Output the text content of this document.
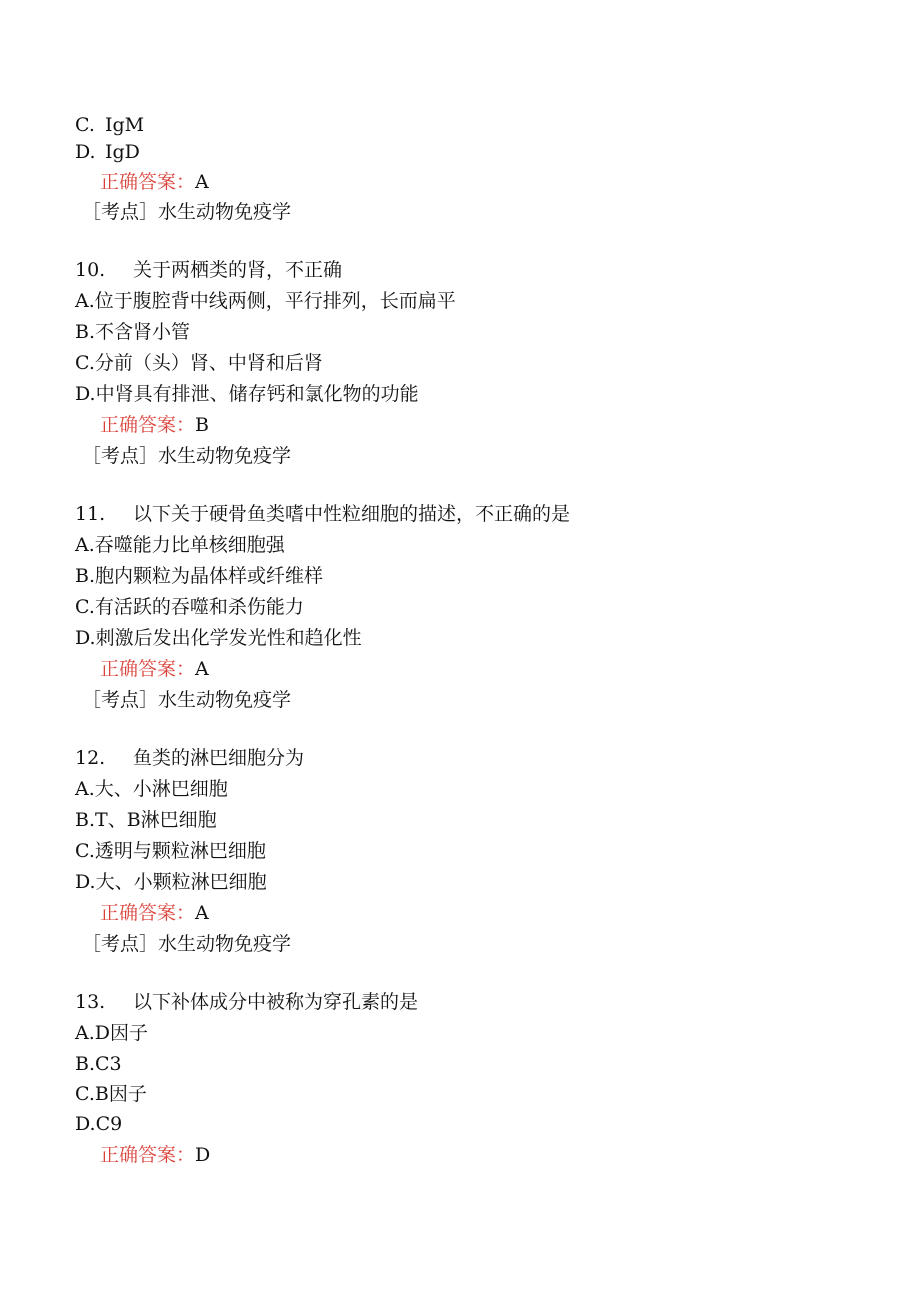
C. IgM
D. IgD
正确答案：A
［考点］水生动物免疫学
10. 关于两栖类的肾，不正确
A.位于腹腔背中线两侧，平行排列，长而扁平
B.不含肾小管
C.分前（头）肾、中肾和后肾
D.中肾具有排泄、储存钙和氯化物的功能
正确答案：B
［考点］水生动物免疫学
11. 以下关于硬骨鱼类嗜中性粒细胞的描述，不正确的是
A.吞噬能力比单核细胞强
B.胞内颗粒为晶体样或纤维样
C.有活跃的吞噬和杀伤能力
D.刺激后发出化学发光性和趋化性
正确答案：A
［考点］水生动物免疫学
12. 鱼类的淋巴细胞分为
A.大、小淋巴细胞
B.T、B淋巴细胞
C.透明与颗粒淋巴细胞
D.大、小颗粒淋巴细胞
正确答案：A
［考点］水生动物免疫学
13. 以下补体成分中被称为穿孔素的是
A.D因子
B.C3
C.B因子
D.C9
正确答案：D
